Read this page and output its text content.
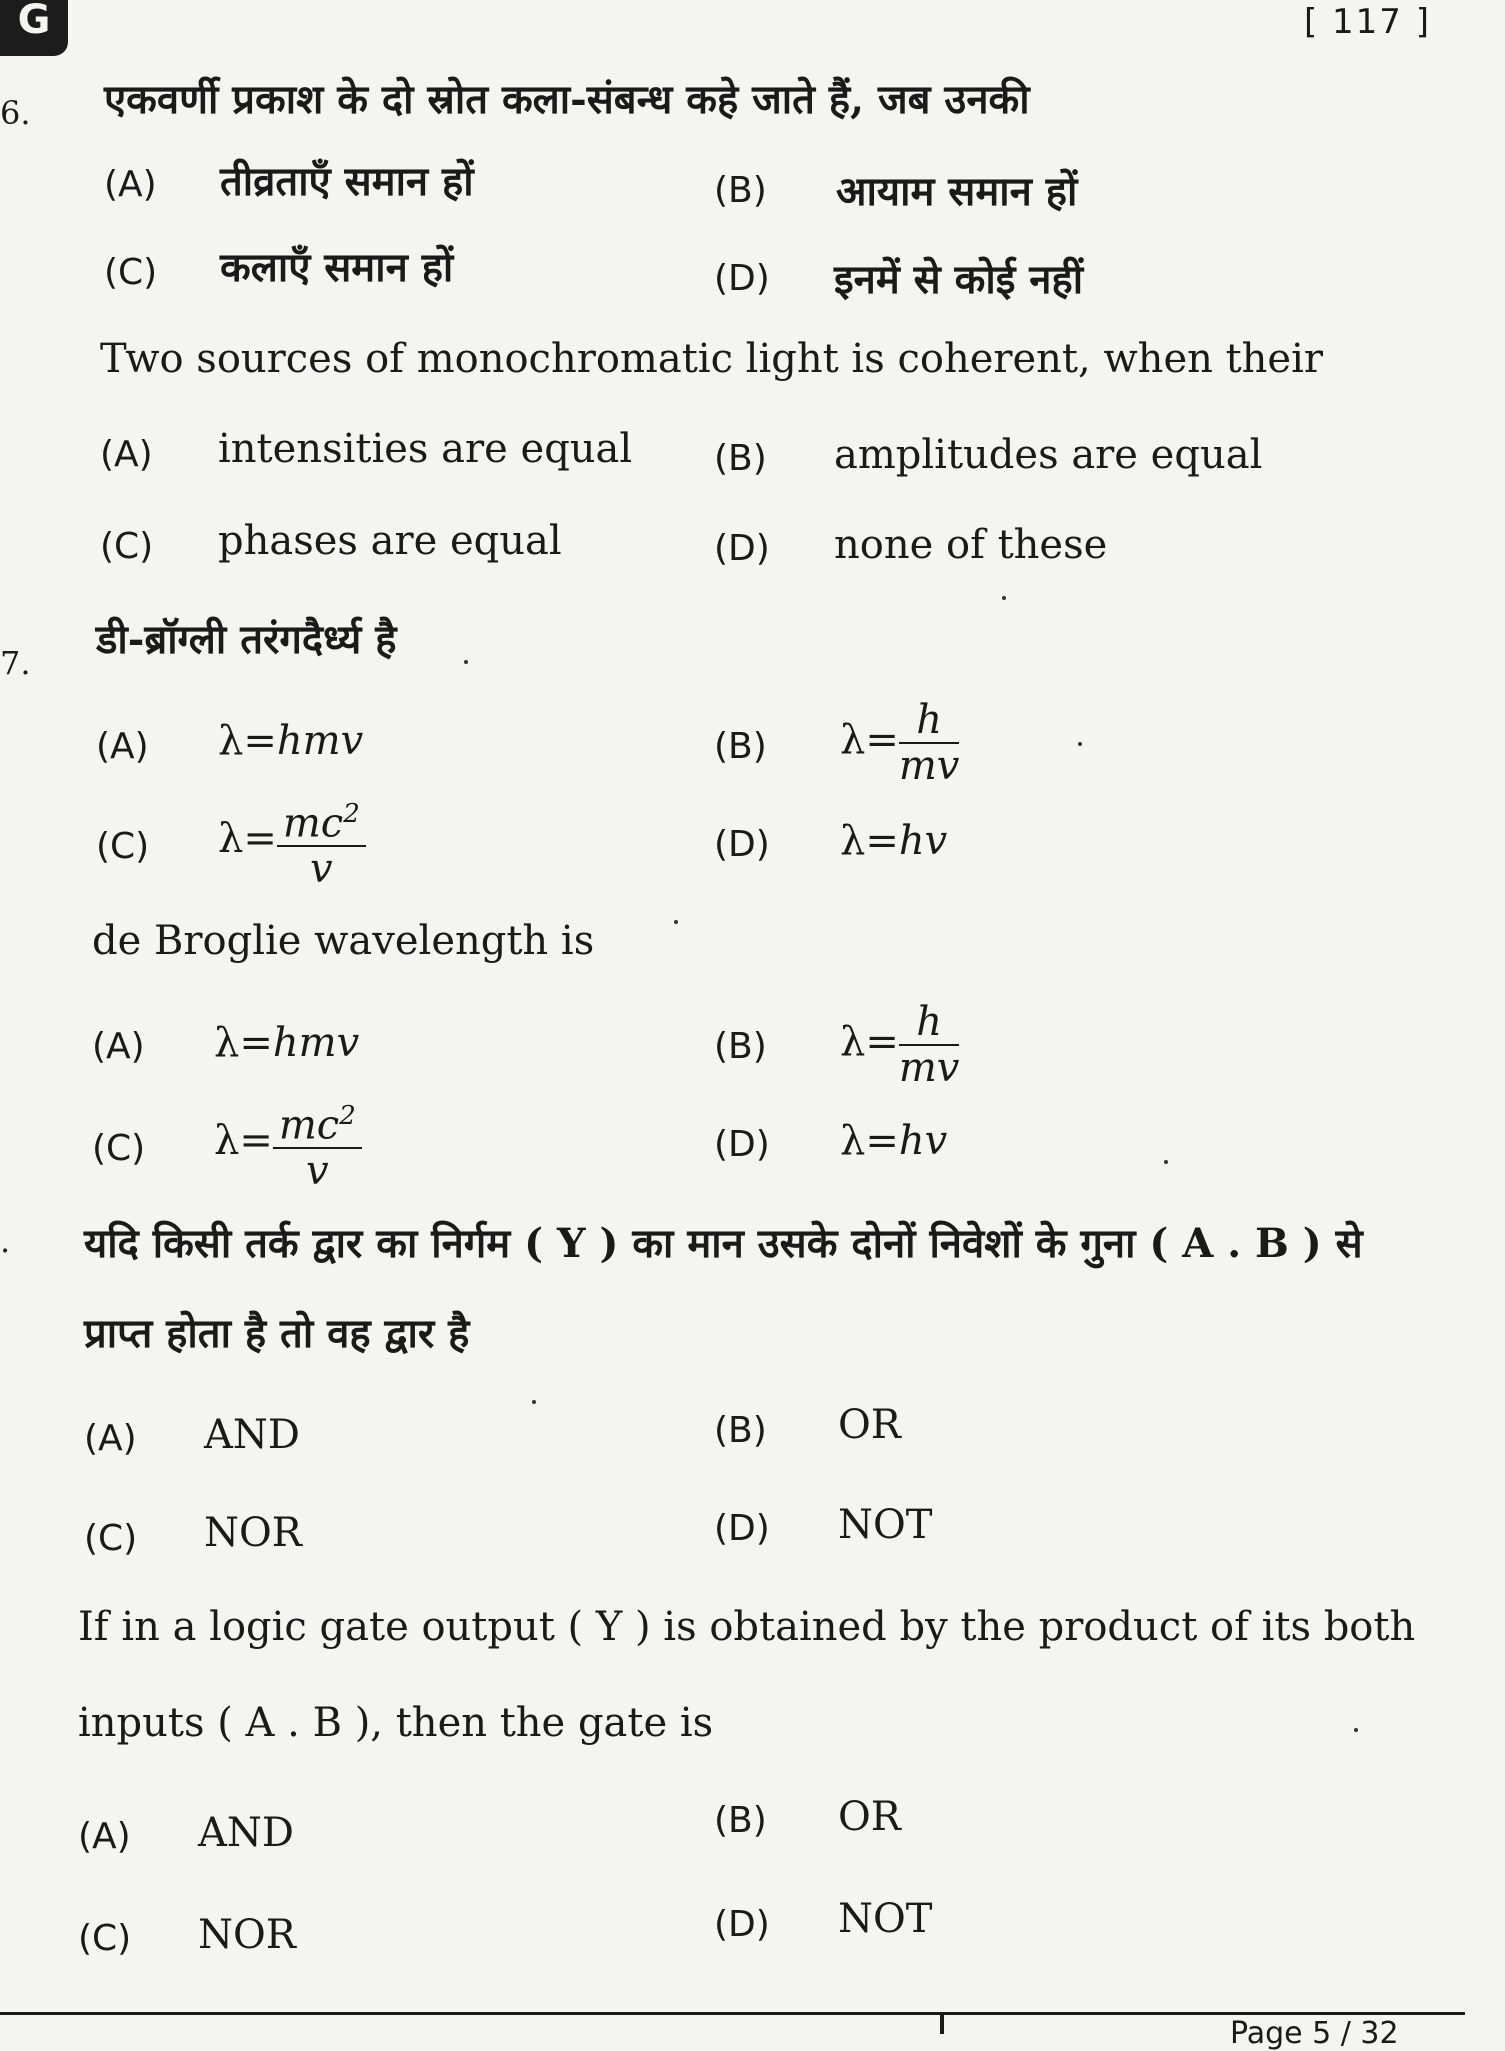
G	[ 117 ]
6. एकवर्णी प्रकाश के दो स्रोत कला-संबन्ध कहे जाते हैं, जब उनकी
(A) तीव्रताएँ समान हों	(B) आयाम समान हों
(C) कलाएँ समान हों	(D) इनमें से कोई नहीं
Two sources of monochromatic light is coherent, when their
(A) intensities are equal (B) amplitudes are equal
(C) phases are equal	(D) none of these
7. डी-ब्रॉग्ली तरंगदैर्ध्य है
(A) λ=hmv	(B) $\lambda= \frac{h}{mv}$
(C) $\lambda= \frac{mc^2}{v}$	(D) λ=hv
de Broglie wavelength is
(A) λ=hmv	(B) $\lambda= \frac{h}{mv}$
(C) $\lambda= \frac{mc^2}{v}$	(D) λ=hv
. यदि किसी तर्क द्वार का निर्गम ( Y ) का मान उसके दोनों निवेशों के गुना ( A . B ) से
प्राप्त होता है तो वह द्वार है
(A) AND	(B) OR
(C) NOR	(D) NOT
If in a logic gate output ( Y ) is obtained by the product of its both
inputs ( A . B ), then the gate is
(A) AND	(B) OR
(C) NOR	(D) NOT
Page 5 / 32
